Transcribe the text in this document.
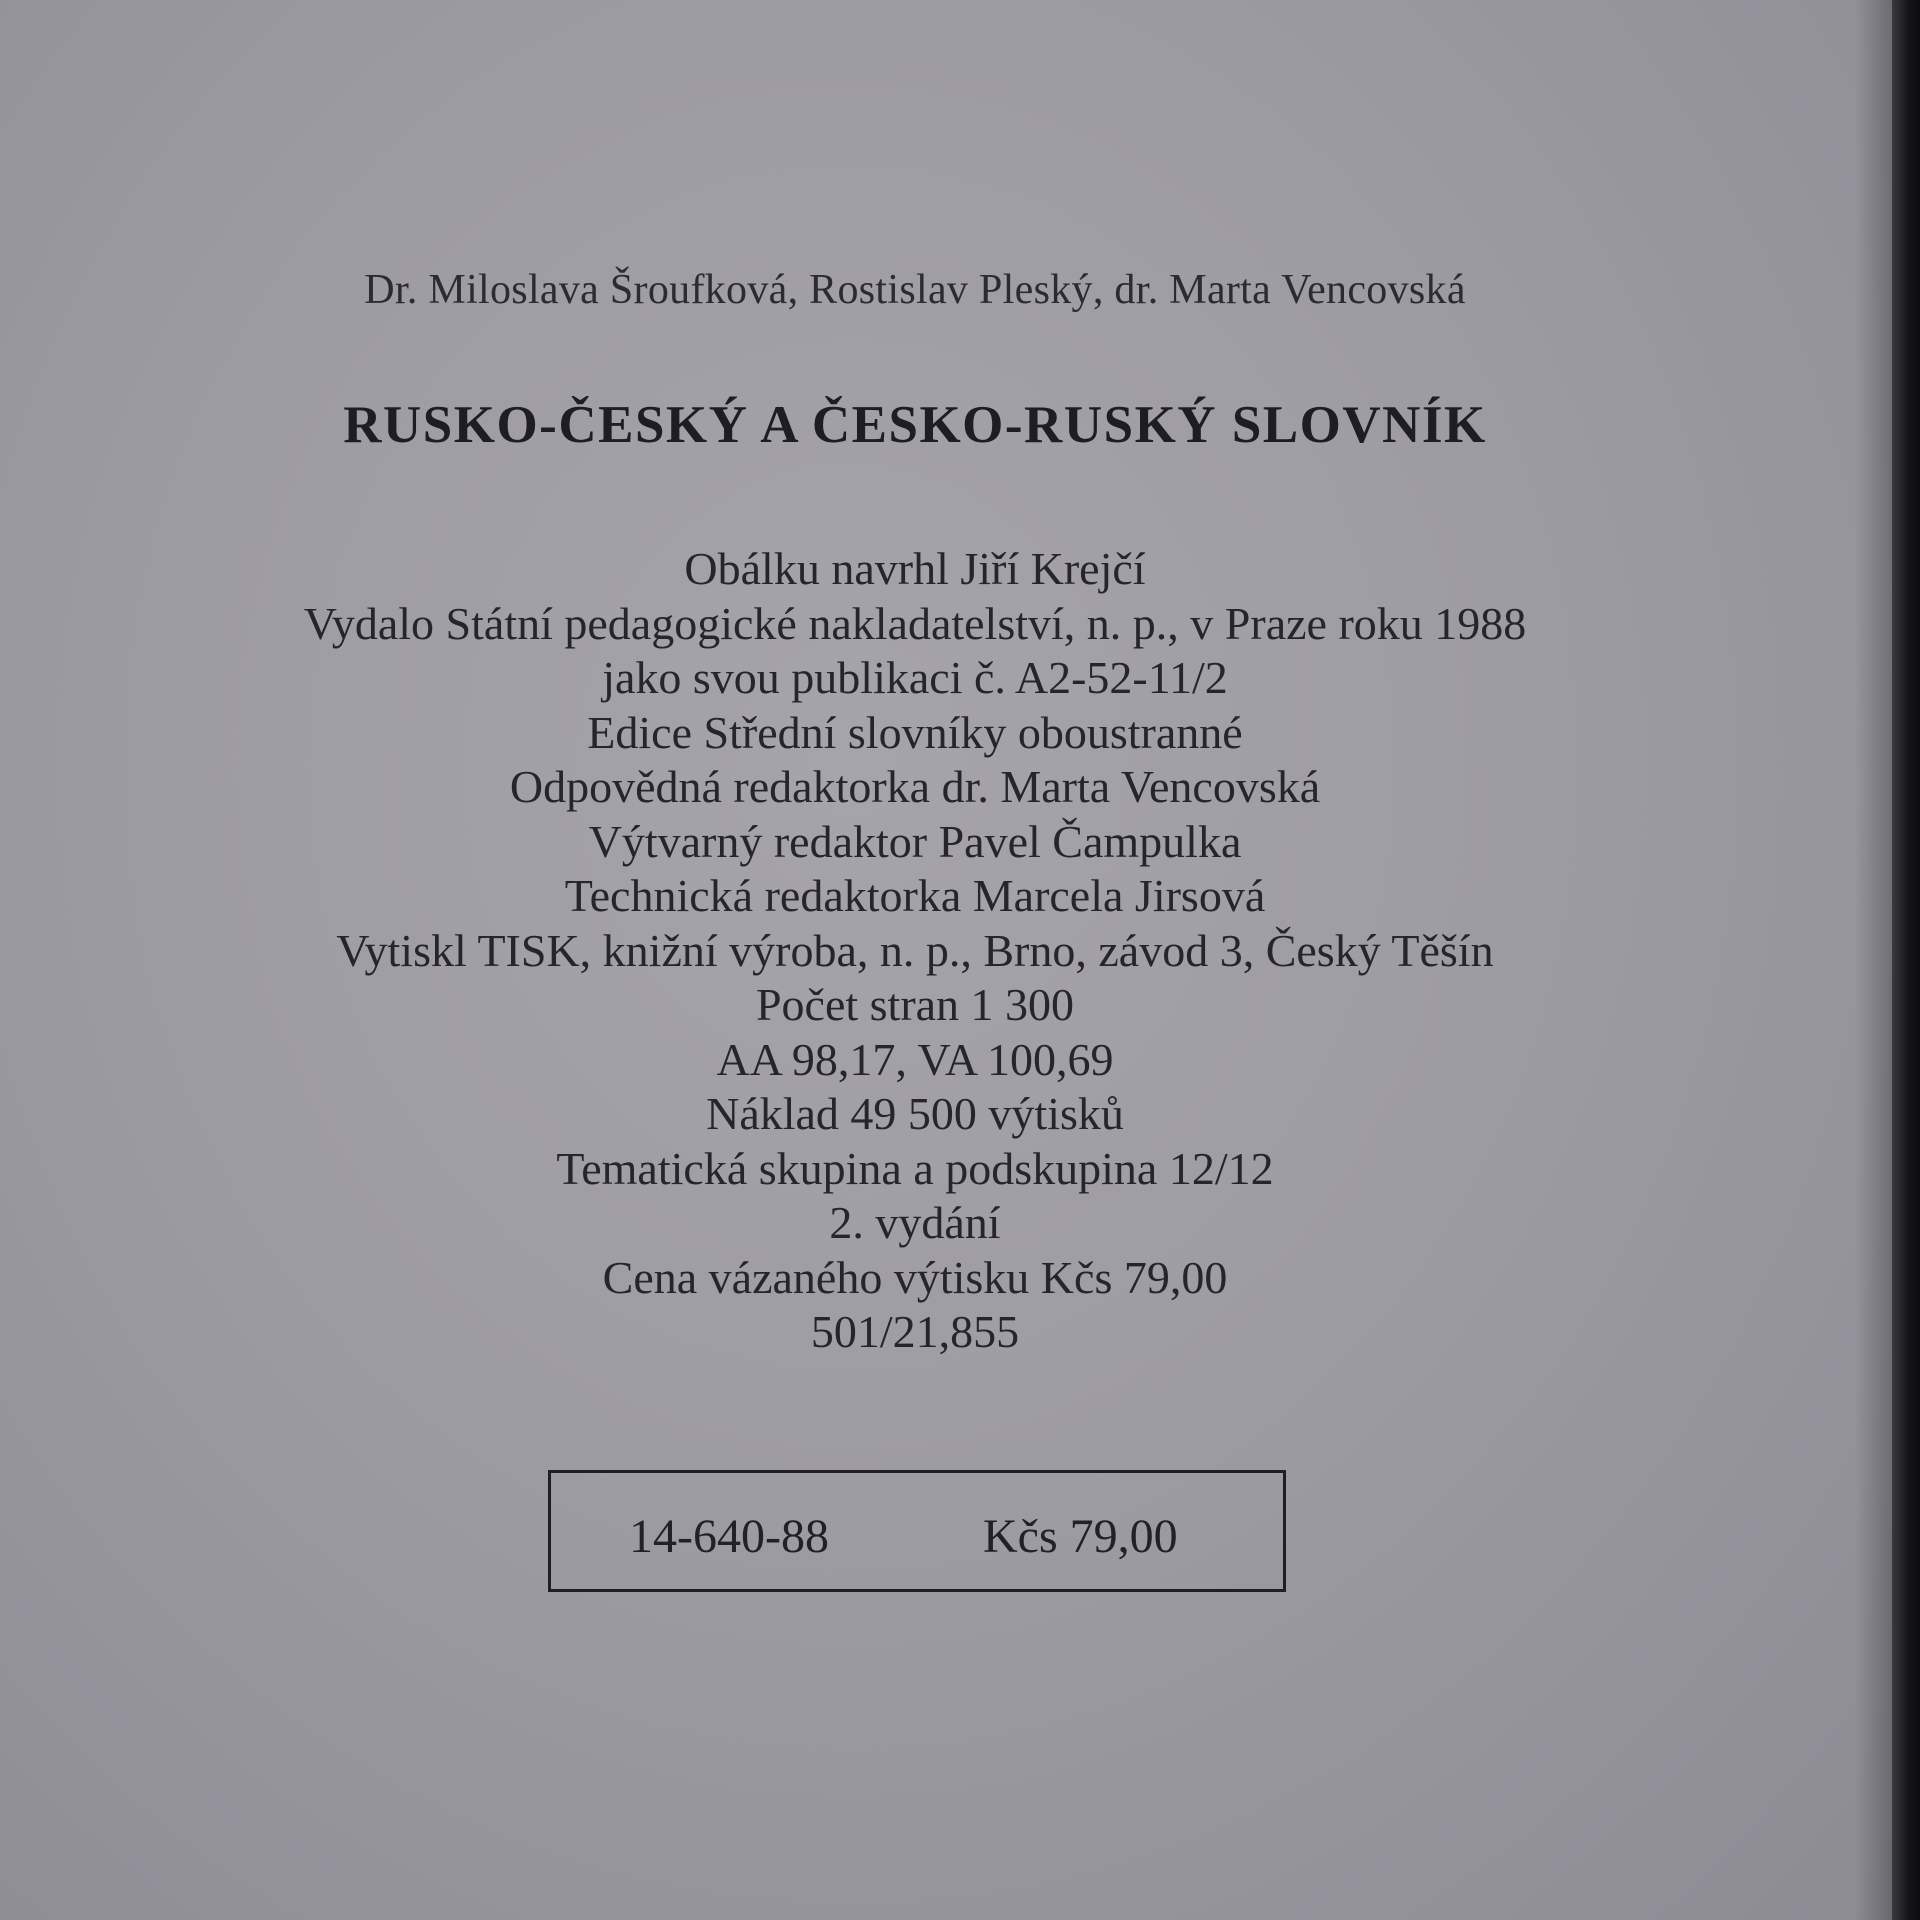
Dr. Miloslava Šroufková, Rostislav Pleský, dr. Marta Vencovská
RUSKO-ČESKÝ A ČESKO-RUSKÝ SLOVNÍK
Obálku navrhl Jiří Krejčí
Vydalo Státní pedagogické nakladatelství, n. p., v Praze roku 1988
jako svou publikaci č. A2-52-11/2
Edice Střední slovníky oboustranné
Odpovědná redaktorka dr. Marta Vencovská
Výtvarný redaktor Pavel Čampulka
Technická redaktorka Marcela Jirsová
Vytiskl TISK, knižní výroba, n. p., Brno, závod 3, Český Těšín
Počet stran 1 300
AA 98,17, VA 100,69
Náklad 49 500 výtisků
Tematická skupina a podskupina 12/12
2. vydání
Cena vázaného výtisku Kčs 79,00
501/21,855
14-640-88	Kčs 79,00
